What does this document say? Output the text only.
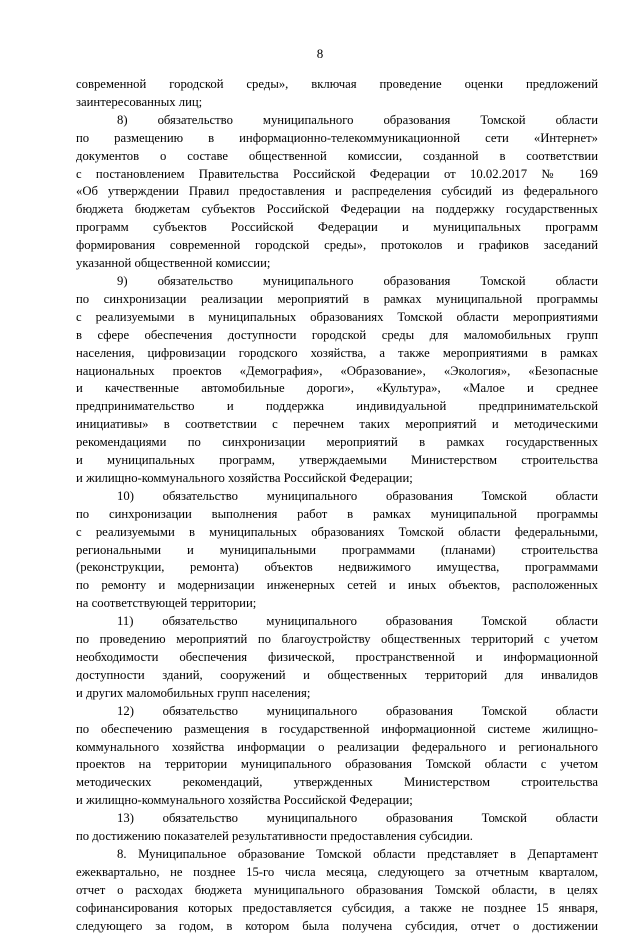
8

современной городской среды», включая проведение оценки предложений

заинтересованных лиц;

8) обязательство муниципального образования Томской области

по размещению в информационно-телекоммуникационной сети «Интернет»

документов о составе общественной комиссии, созданной в соответствии

с постановлением Правительства Российской Федерации от 10.02.2017 № 169

«Об утверждении Правил предоставления и распределения субсидий из федерального

бюджета бюджетам субъектов Российской Федерации на поддержку государственных

программ субъектов Российской Федерации и муниципальных программ

формирования современной городской среды», протоколов и графиков заседаний

указанной общественной комиссии;

9) обязательство муниципального образования Томской области

по синхронизации реализации мероприятий в рамках муниципальной программы

с реализуемыми в муниципальных образованиях Томской области мероприятиями

в сфере обеспечения доступности городской среды для маломобильных групп

населения, цифровизации городского хозяйства, а также мероприятиями в рамках

национальных проектов «Демография», «Образование», «Экология», «Безопасные

и качественные автомобильные дороги», «Культура», «Малое и среднее

предпринимательство и поддержка индивидуальной предпринимательской

инициативы» в соответствии с перечнем таких мероприятий и методическими

рекомендациями по синхронизации мероприятий в рамках государственных

и муниципальных программ, утверждаемыми Министерством строительства

и жилищно-коммунального хозяйства Российской Федерации;

10) обязательство муниципального образования Томской области

по синхронизации выполнения работ в рамках муниципальной программы

с реализуемыми в муниципальных образованиях Томской области федеральными,

региональными и муниципальными программами (планами) строительства

(реконструкции, ремонта) объектов недвижимого имущества, программами

по ремонту и модернизации инженерных сетей и иных объектов, расположенных

на соответствующей территории;

11) обязательство муниципального образования Томской области

по проведению мероприятий по благоустройству общественных территорий с учетом

необходимости обеспечения физической, пространственной и информационной

доступности зданий, сооружений и общественных территорий для инвалидов

и других маломобильных групп населения;

12) обязательство муниципального образования Томской области

по обеспечению размещения в государственной информационной системе жилищно-

коммунального хозяйства информации о реализации федерального и регионального

проектов на территории муниципального образования Томской области с учетом

методических рекомендаций, утвержденных Министерством строительства

и жилищно-коммунального хозяйства Российской Федерации;

13) обязательство муниципального образования Томской области

по достижению показателей результативности предоставления субсидии.

8. Муниципальное образование Томской области представляет в Департамент

ежеквартально, не позднее 15-го числа месяца, следующего за отчетным кварталом,

отчет о расходах бюджета муниципального образования Томской области, в целях

софинансирования которых предоставляется субсидия, а также не позднее 15 января,

следующего за годом, в котором была получена субсидия, отчет о достижении
